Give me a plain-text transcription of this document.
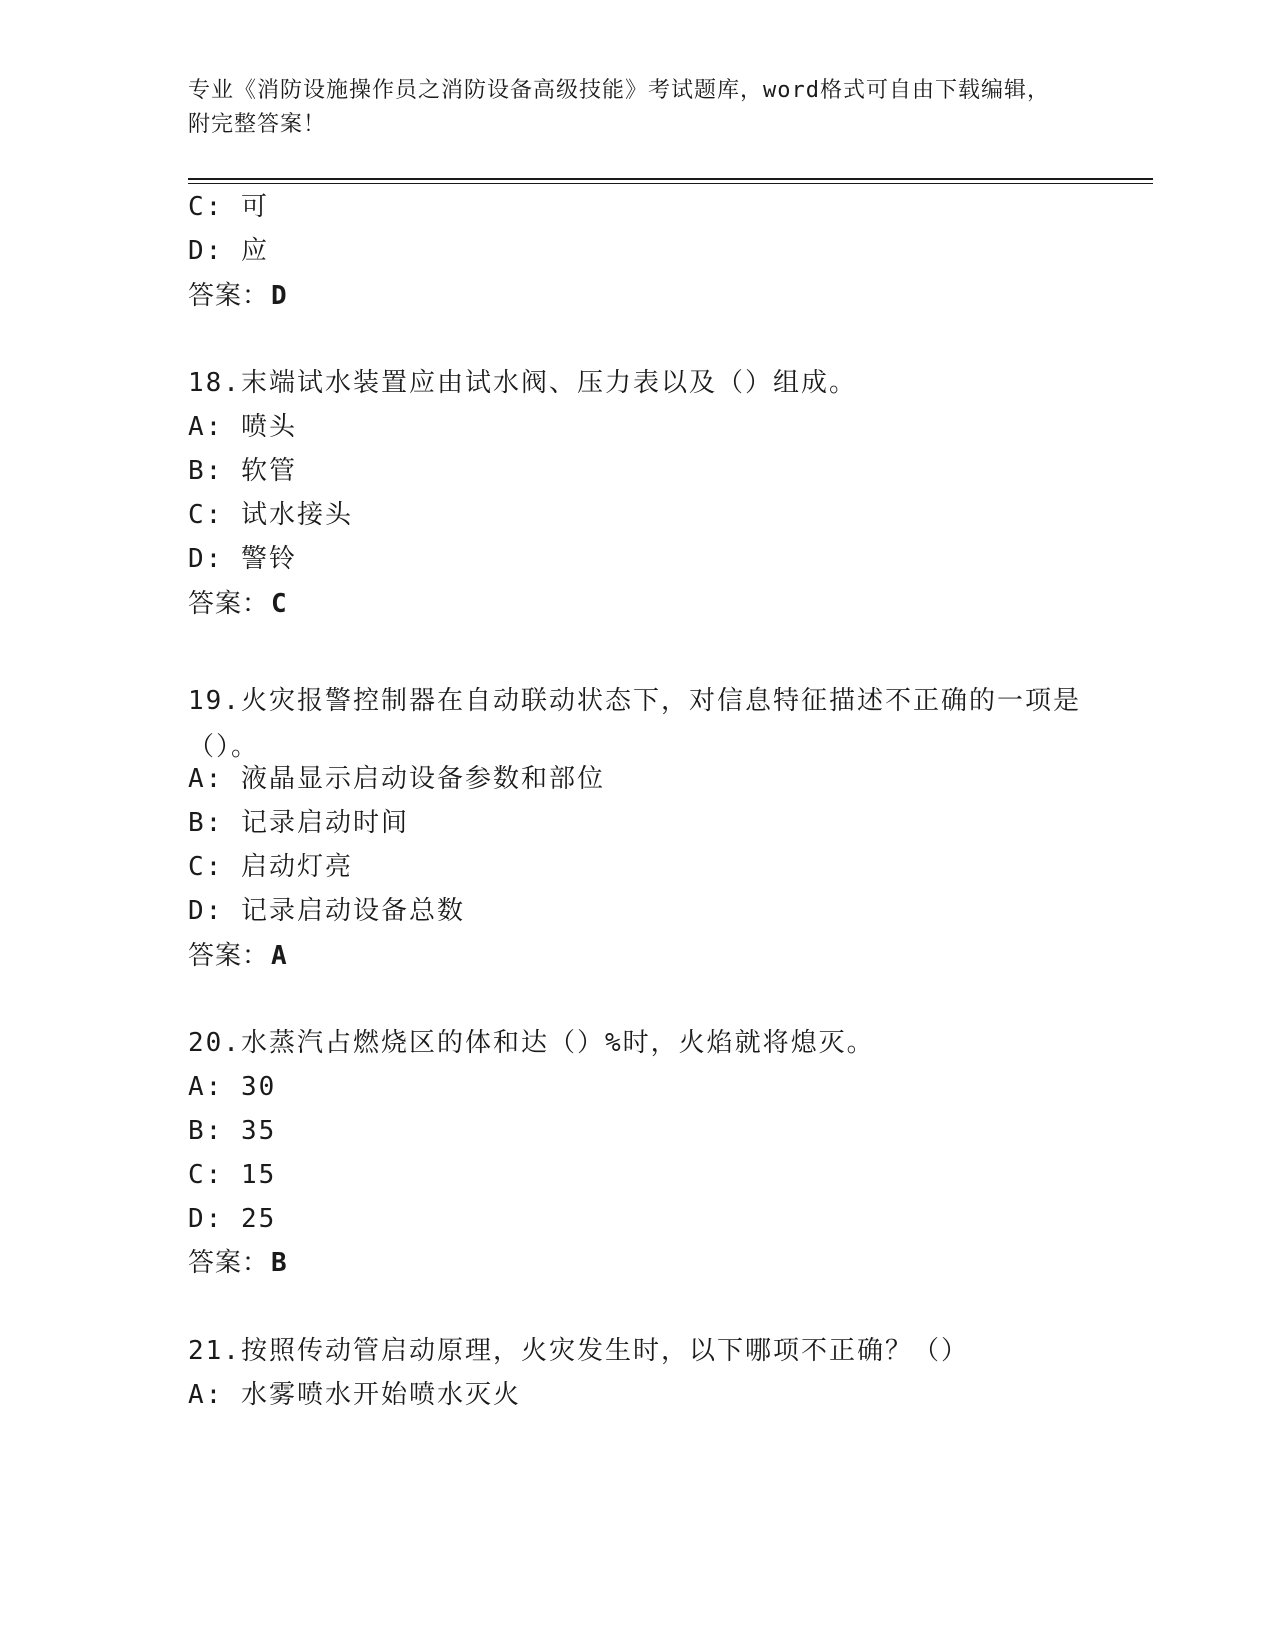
专业《消防设施操作员之消防设备高级技能》考试题库，word格式可自由下载编辑，附完整答案！
C: 可
D: 应
答案：D
18.末端试水装置应由试水阀、压力表以及（）组成。
A: 喷头
B: 软管
C: 试水接头
D: 警铃
答案：C
19.火灾报警控制器在自动联动状态下，对信息特征描述不正确的一项是（）。
A: 液晶显示启动设备参数和部位
B: 记录启动时间
C: 启动灯亮
D: 记录启动设备总数
答案：A
20.水蒸汽占燃烧区的体和达（）%时，火焰就将熄灭。
A: 30
B: 35
C: 15
D: 25
答案：B
21.按照传动管启动原理，火灾发生时，以下哪项不正确？（）
A: 水雾喷水开始喷水灭火
